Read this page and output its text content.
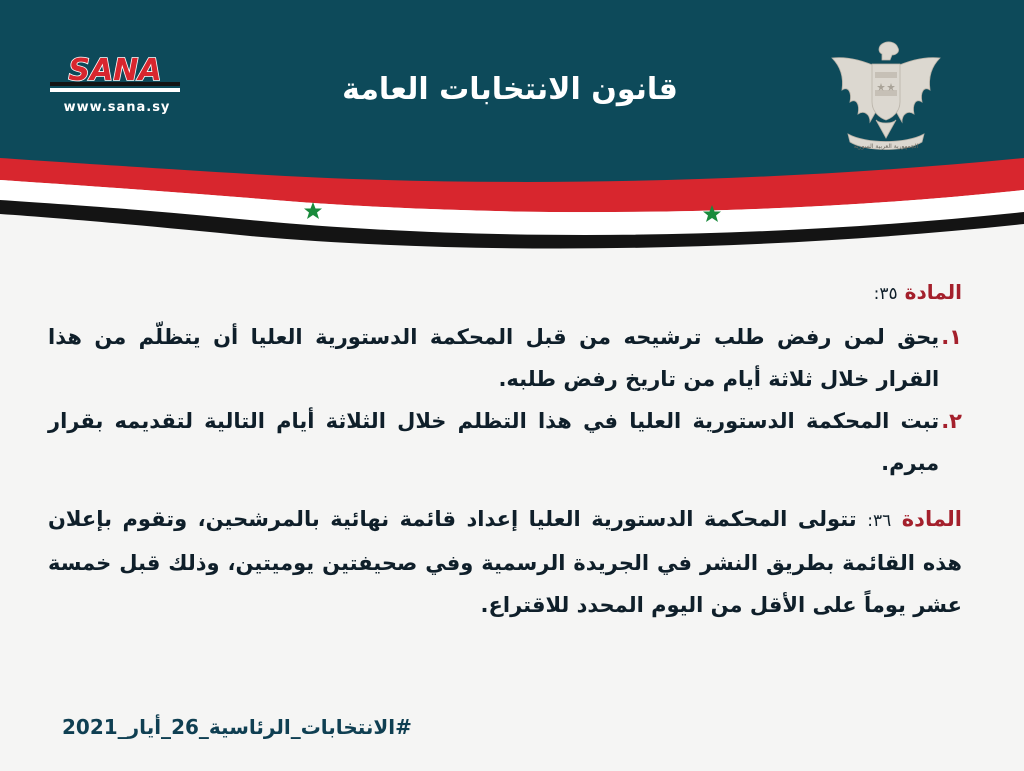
SANA
www.sana.sy
قانون الانتخابات العامة
الجمهورية العربية السورية
المادة ٣٥:
١.
يحق لمن رفض طلب ترشيحه من قبل المحكمة الدستورية العليا أن يتظلّم من هذا القرار خلال ثلاثة أيام من تاريخ رفض طلبه.
٢.
تبت المحكمة الدستورية العليا في هذا التظلم خلال الثلاثة أيام التالية لتقديمه بقرار مبرم.
المادة ٣٦: تتولى المحكمة الدستورية العليا إعداد قائمة نهائية بالمرشحين، وتقوم بإعلان هذه القائمة بطريق النشر في الجريدة الرسمية وفي صحيفتين يوميتين، وذلك قبل خمسة عشر يوماً على الأقل من اليوم المحدد للاقتراع.
#الانتخابات_الرئاسية_26_أيار_2021
